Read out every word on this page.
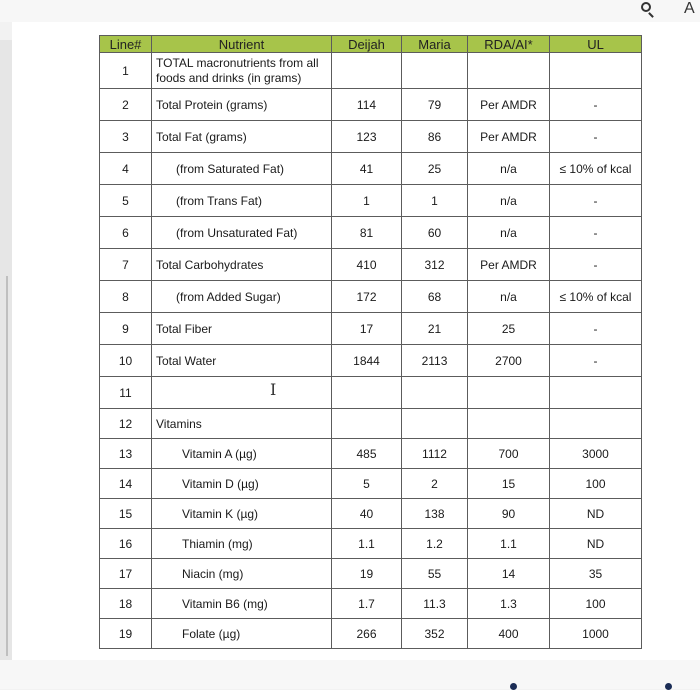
A
Line#	Nutrient	Deijah	Maria	RDA/AI*	UL
1	TOTAL macronutrients from all foods and drinks (in grams)				
2	Total Protein (grams)	114	79	Per AMDR	-
3	Total Fat (grams)	123	86	Per AMDR	-
4	(from Saturated Fat)	41	25	n/a	≤ 10% of kcal
5	(from Trans Fat)	1	1	n/a	-
6	(from Unsaturated Fat)	81	60	n/a	-
7	Total Carbohydrates	410	312	Per AMDR	-
8	(from Added Sugar)	172	68	n/a	≤ 10% of kcal
9	Total Fiber	17	21	25	-
10	Total Water	1844	2113	2700	-
11					
12	Vitamins				
13	Vitamin A (µg)	485	1112	700	3000
14	Vitamin D (µg)	5	2	15	100
15	Vitamin K (µg)	40	138	90	ND
16	Thiamin (mg)	1.1	1.2	1.1	ND
17	Niacin (mg)	19	55	14	35
18	Vitamin B6 (mg)	1.7	11.3	1.3	100
19	Folate (µg)	266	352	400	1000
I
